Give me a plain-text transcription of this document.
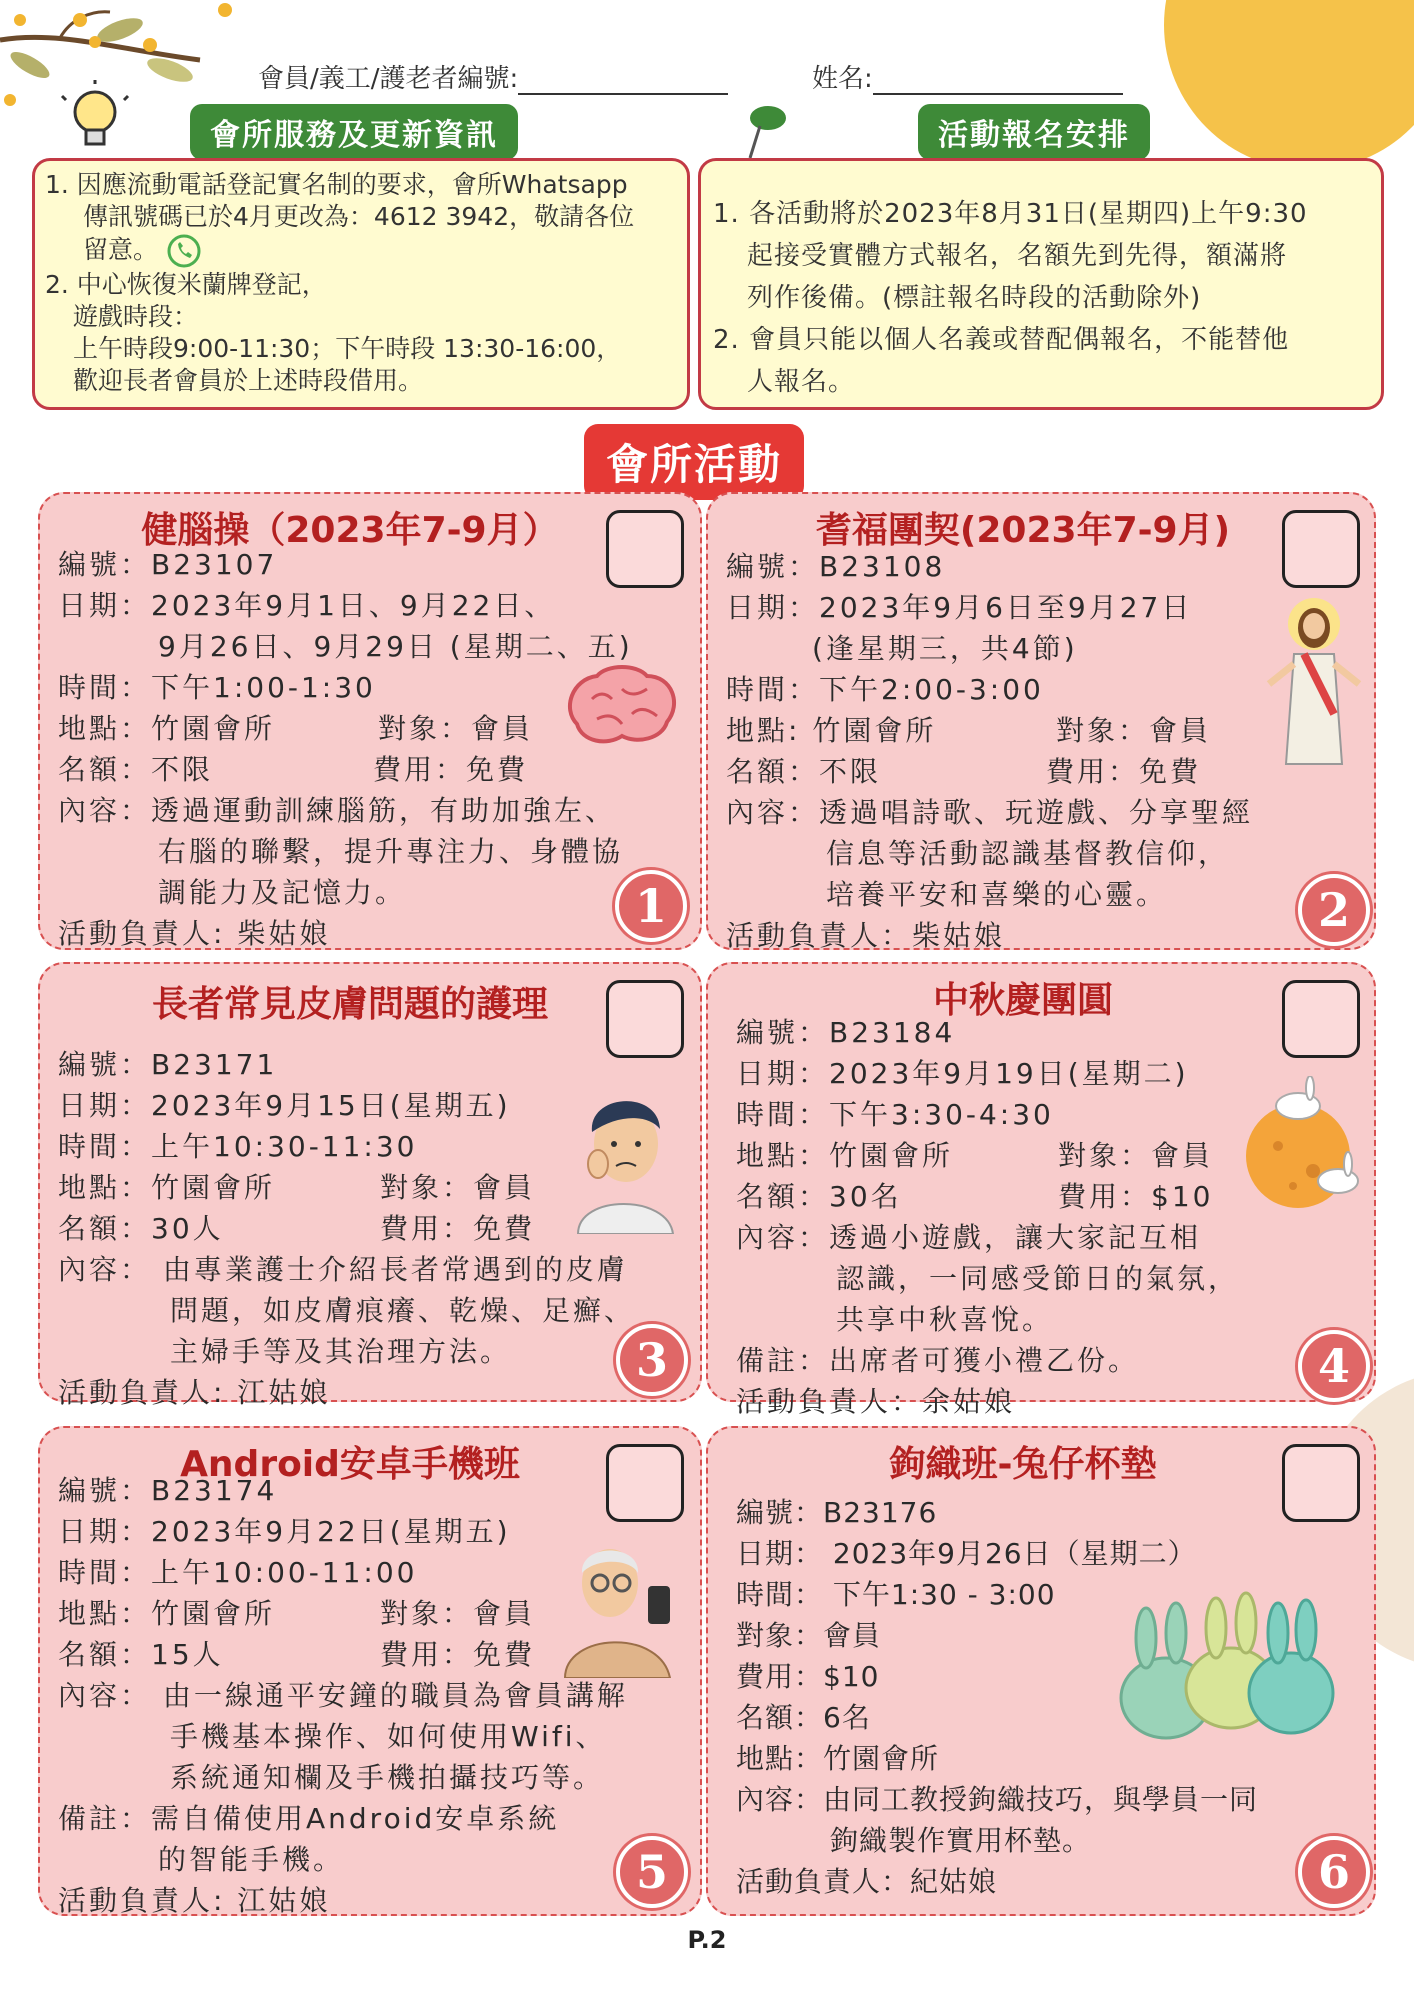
會員/義工/護老者編號:	姓名:
會所服務及更新資訊	活動報名安排

1. 因應流動電話登記實名制的要求，會所Whatsapp

傳訊號碼已於4月更改為：4612 3942，敬請各位

留意。

2. 中心恢復米蘭牌登記，

遊戲時段：

上午時段9:00-11:30；下午時段 13:30-16:00，

歡迎長者會員於上述時段借用。

1. 各活動將於2023年8月31日(星期四)上午9:30

起接受實體方式報名，名額先到先得，額滿將

列作後備。(標註報名時段的活動除外)

2. 會員只能以個人名義或替配偶報名，不能替他

人報名。

會所活動
健腦操（2023年7-9月）
編號：B23107
日期：2023年9月1日、9月22日、
9月26日、9月29日 (星期二、五)
時間：下午1:00-1:30
地點：竹園會所	對象：會員
名額：不限	費用：免費
內容：透過運動訓練腦筋，有助加強左、
右腦的聯繫，提升專注力、身體協
調能力及記憶力。
活動負責人: 柴姑娘
1
耆福團契(2023年7-9月)
編號：B23108
日期：2023年9月6日至9月27日
(逢星期三，共4節)
時間：下午2:00-3:00
地點: 竹園會所	對象：會員
名額：不限	費用：免費
內容：透過唱詩歌、玩遊戲、分享聖經
信息等活動認識基督教信仰，
培養平安和喜樂的心靈。
活動負責人：柴姑娘	2
長者常見皮膚問題的護理
編號：B23171
日期：2023年9月15日(星期五)
時間：上午10:30-11:30
地點：竹園會所	對象：會員
名額：30人	費用：免費
內容： 由專業護士介紹長者常遇到的皮膚
問題，如皮膚痕癢、乾燥、足癬、
主婦手等及其治理方法。
活動負責人: 江姑娘
3
中秋慶團圓
編號：B23184
日期：2023年9月19日(星期二)
時間：下午3:30-4:30
地點：竹園會所	對象：會員
名額：30名	費用：$10
內容：透過小遊戲，讓大家記互相
認識，一同感受節日的氣氛，
共享中秋喜悅。
備註：出席者可獲小禮乙份。
活動負責人：余姑娘
4
Android安卓手機班
編號：B23174
日期：2023年9月22日(星期五)
時間：上午10:00-11:00
地點：竹園會所	對象：會員
名額：15人	費用：免費
內容： 由一線通平安鐘的職員為會員講解
手機基本操作、如何使用Wifi、
系統通知欄及手機拍攝技巧等。
備註：需自備使用Android安卓系統
的智能手機。
活動負責人: 江姑娘
5
鉤織班-兔仔杯墊
編號：B23176
日期： 2023年9月26日（星期二）
時間： 下午1:30 - 3:00
對象：會員
費用：$10
名額：6名
地點：竹園會所
內容：由同工教授鉤織技巧，與學員一同
鉤織製作實用杯墊。
活動負責人：紀姑娘	6
P.2
